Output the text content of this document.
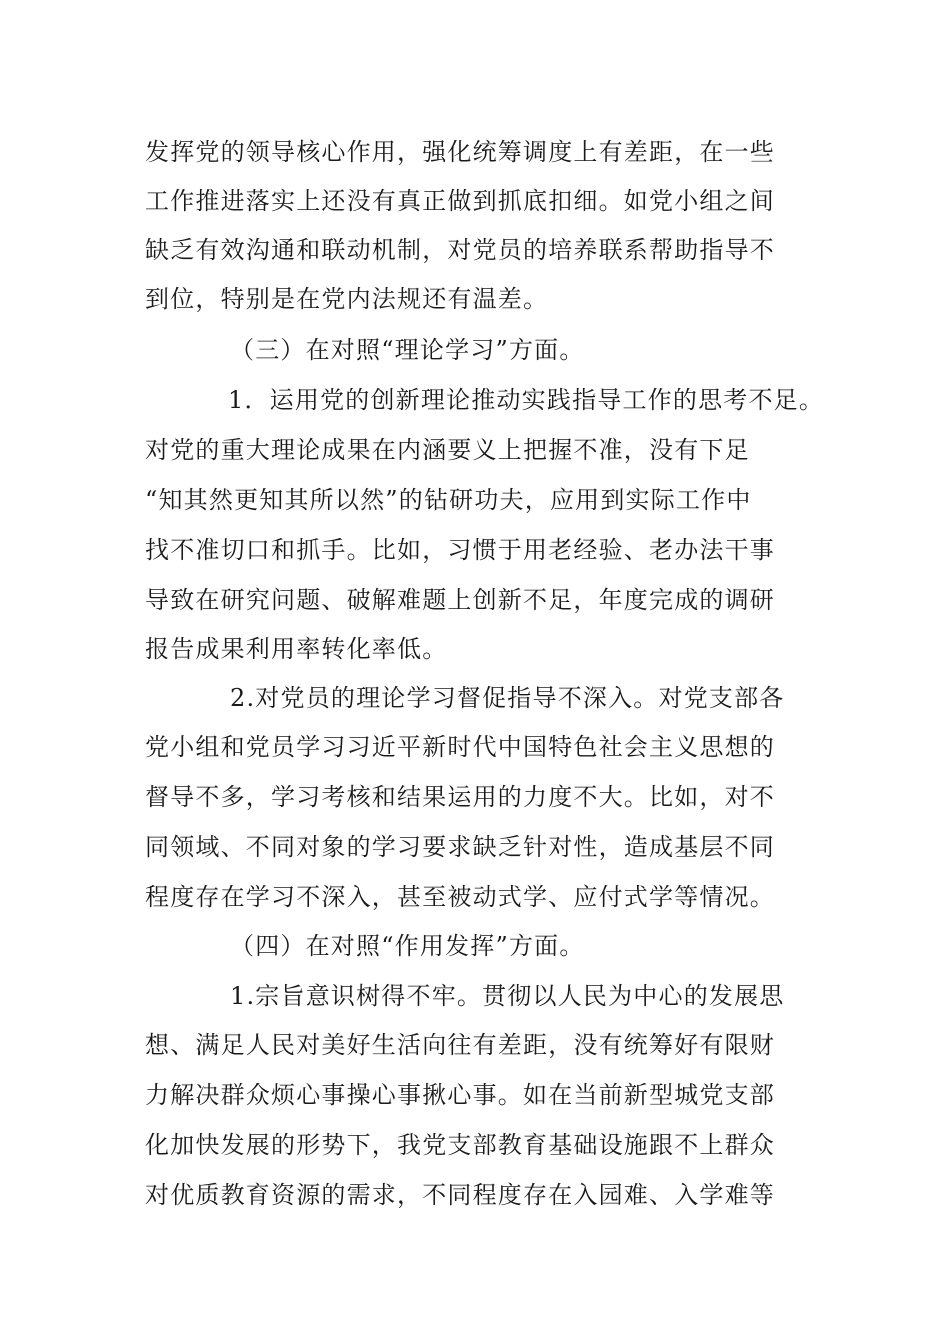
发挥党的领导核心作用，强化统筹调度上有差距，在一些
工作推进落实上还没有真正做到抓底扣细。如党小组之间
缺乏有效沟通和联动机制，对党员的培养联系帮助指导不
到位，特别是在党内法规还有温差。
（三）在对照“理论学习”方面。
1．运用党的创新理论推动实践指导工作的思考不足。
对党的重大理论成果在内涵要义上把握不准，没有下足
“知其然更知其所以然”的钻研功夫，应用到实际工作中
找不准切口和抓手。比如，习惯于用老经验、老办法干事
导致在研究问题、破解难题上创新不足，年度完成的调研
报告成果利用率转化率低。
2.对党员的理论学习督促指导不深入。对党支部各
党小组和党员学习习近平新时代中国特色社会主义思想的
督导不多，学习考核和结果运用的力度不大。比如，对不
同领域、不同对象的学习要求缺乏针对性，造成基层不同
程度存在学习不深入，甚至被动式学、应付式学等情况。
（四）在对照“作用发挥”方面。
1.宗旨意识树得不牢。贯彻以人民为中心的发展思
想、满足人民对美好生活向往有差距，没有统筹好有限财
力解决群众烦心事操心事揪心事。如在当前新型城党支部
化加快发展的形势下，我党支部教育基础设施跟不上群众
对优质教育资源的需求，不同程度存在入园难、入学难等
